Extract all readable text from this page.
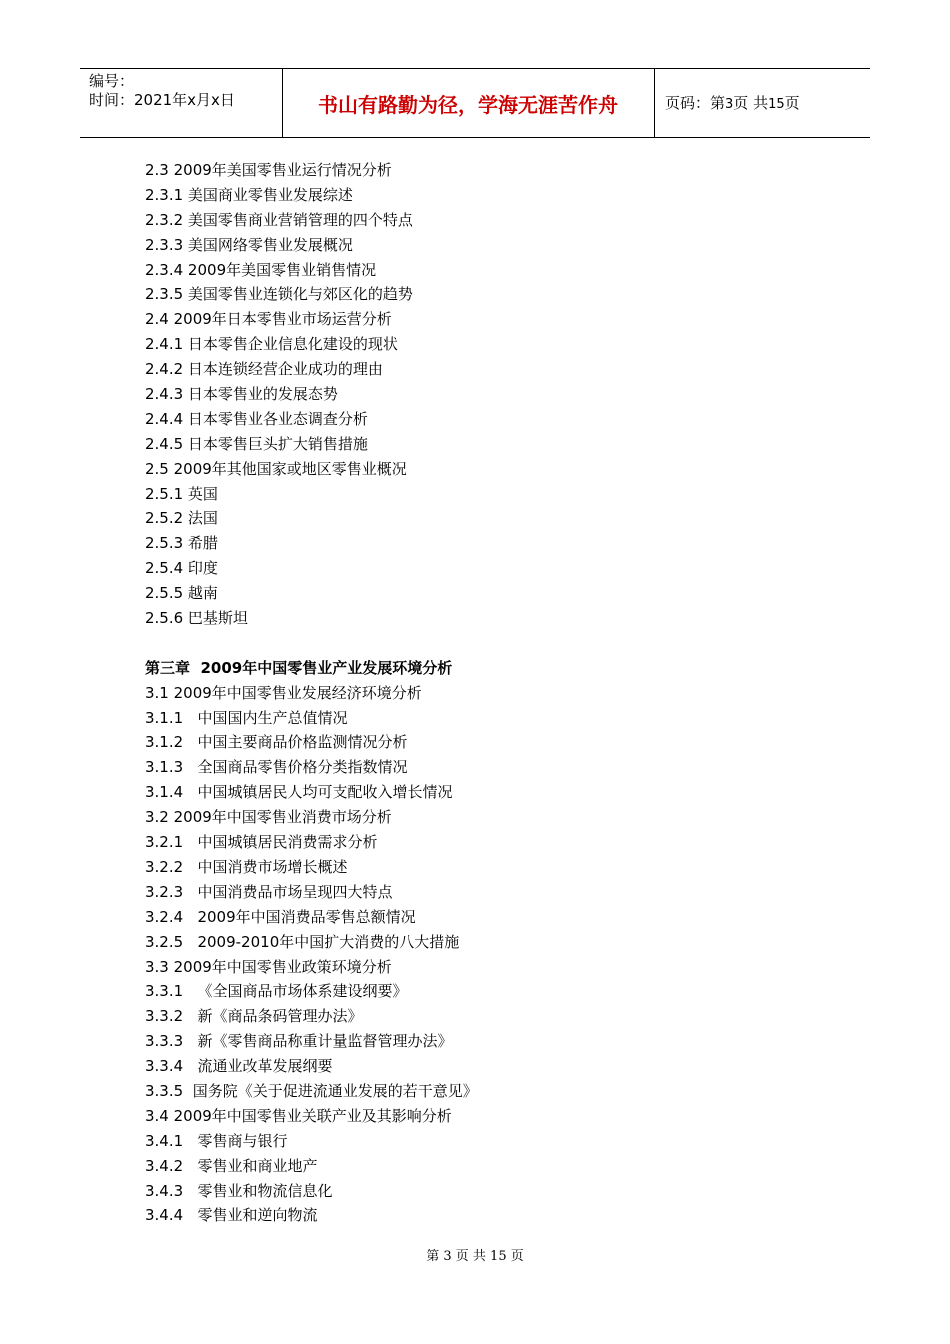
编号：
时间：2021年x月x日	书山有路勤为径，学海无涯苦作舟	页码：第3页 共15页
2.3 2009年美国零售业运行情况分析
2.3.1 美国商业零售业发展综述
2.3.2 美国零售商业营销管理的四个特点
2.3.3 美国网络零售业发展概况
2.3.4 2009年美国零售业销售情况
2.3.5 美国零售业连锁化与郊区化的趋势
2.4 2009年日本零售业市场运营分析
2.4.1 日本零售企业信息化建设的现状
2.4.2 日本连锁经营企业成功的理由
2.4.3 日本零售业的发展态势
2.4.4 日本零售业各业态调查分析
2.4.5 日本零售巨头扩大销售措施
2.5 2009年其他国家或地区零售业概况
2.5.1 英国
2.5.2 法国
2.5.3 希腊
2.5.4 印度
2.5.5 越南
2.5.6 巴基斯坦
第三章  2009年中国零售业产业发展环境分析
3.1 2009年中国零售业发展经济环境分析
3.1.1   中国国内生产总值情况
3.1.2   中国主要商品价格监测情况分析
3.1.3   全国商品零售价格分类指数情况
3.1.4   中国城镇居民人均可支配收入增长情况
3.2 2009年中国零售业消费市场分析
3.2.1   中国城镇居民消费需求分析
3.2.2   中国消费市场增长概述
3.2.3   中国消费品市场呈现四大特点
3.2.4   2009年中国消费品零售总额情况
3.2.5   2009-2010年中国扩大消费的八大措施
3.3 2009年中国零售业政策环境分析
3.3.1   《全国商品市场体系建设纲要》
3.3.2   新《商品条码管理办法》
3.3.3   新《零售商品称重计量监督管理办法》
3.3.4   流通业改革发展纲要
3.3.5  国务院《关于促进流通业发展的若干意见》
3.4 2009年中国零售业关联产业及其影响分析
3.4.1   零售商与银行
3.4.2   零售业和商业地产
3.4.3   零售业和物流信息化
3.4.4   零售业和逆向物流
第 3 页 共 15 页
